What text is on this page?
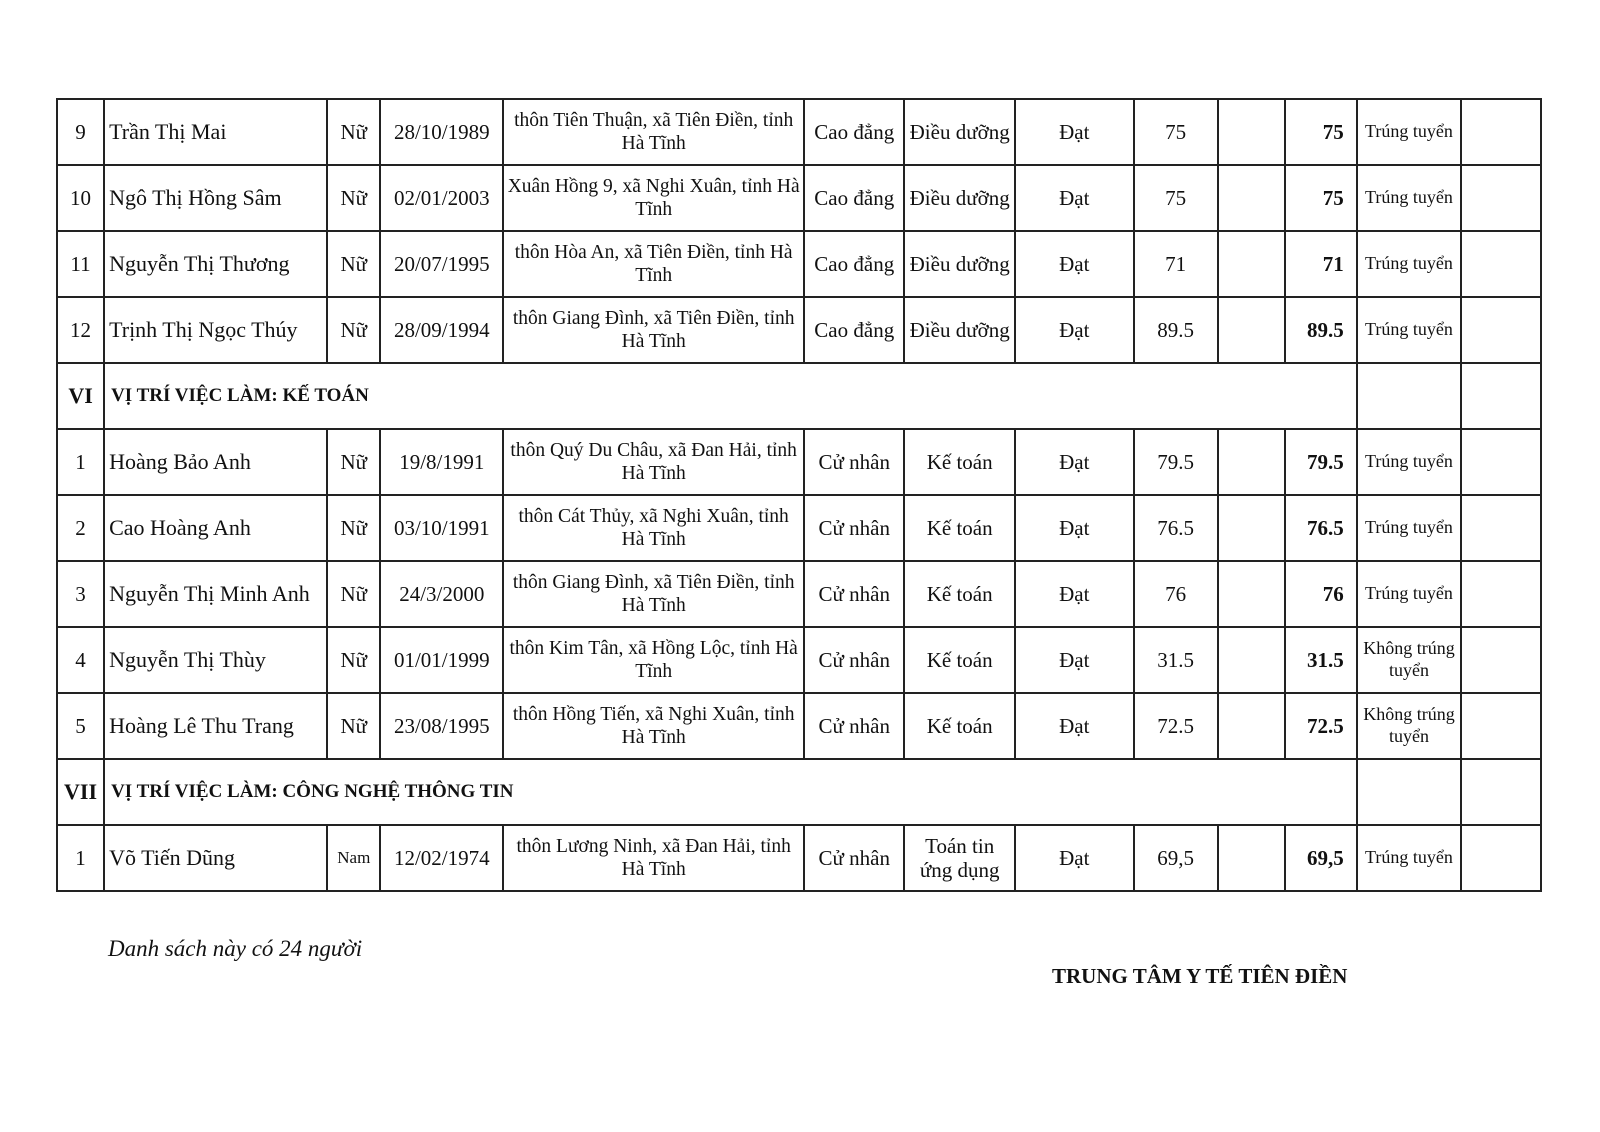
9	Trần Thị Mai	Nữ	28/10/1989	thôn Tiên Thuận, xã Tiên Điền, tỉnh Hà Tĩnh	Cao đẳng	Điều dưỡng	Đạt	75		75	Trúng tuyển	
10	Ngô Thị Hồng Sâm	Nữ	02/01/2003	Xuân Hồng 9, xã Nghi Xuân, tỉnh Hà Tĩnh	Cao đẳng	Điều dưỡng	Đạt	75		75	Trúng tuyển	
11	Nguyễn Thị Thương	Nữ	20/07/1995	thôn Hòa An, xã Tiên Điền, tỉnh Hà Tĩnh	Cao đẳng	Điều dưỡng	Đạt	71		71	Trúng tuyển	
12	Trịnh Thị Ngọc Thúy	Nữ	28/09/1994	thôn Giang Đình, xã Tiên Điền, tỉnh Hà Tĩnh	Cao đẳng	Điều dưỡng	Đạt	89.5		89.5	Trúng tuyển	
VI	VỊ TRÍ VIỆC LÀM: KẾ TOÁN											
1	Hoàng Bảo Anh	Nữ	19/8/1991	thôn Quý Du Châu, xã Đan Hải, tỉnh Hà Tĩnh	Cử nhân	Kế toán	Đạt	79.5		79.5	Trúng tuyển	
2	Cao Hoàng Anh	Nữ	03/10/1991	thôn Cát Thủy, xã Nghi Xuân, tỉnh Hà Tĩnh	Cử nhân	Kế toán	Đạt	76.5		76.5	Trúng tuyển	
3	Nguyễn Thị Minh Anh	Nữ	24/3/2000	thôn Giang Đình, xã Tiên Điền, tỉnh Hà Tĩnh	Cử nhân	Kế toán	Đạt	76		76	Trúng tuyển	
4	Nguyễn Thị Thùy	Nữ	01/01/1999	thôn Kim Tân, xã Hồng Lộc, tỉnh Hà Tĩnh	Cử nhân	Kế toán	Đạt	31.5		31.5	Không trúng tuyển	
5	Hoàng Lê Thu Trang	Nữ	23/08/1995	thôn Hồng Tiến, xã Nghi Xuân, tỉnh Hà Tĩnh	Cử nhân	Kế toán	Đạt	72.5		72.5	Không trúng tuyển	
VII	VỊ TRÍ VIỆC LÀM: CÔNG NGHỆ THÔNG TIN											
1	Võ Tiến Dũng	Nam	12/02/1974	thôn Lương Ninh, xã Đan Hải, tỉnh Hà Tĩnh	Cử nhân	Toán tin ứng dụng	Đạt	69,5		69,5	Trúng tuyển	
Danh sách này có 24 người
TRUNG TÂM Y TẾ TIÊN ĐIỀN
